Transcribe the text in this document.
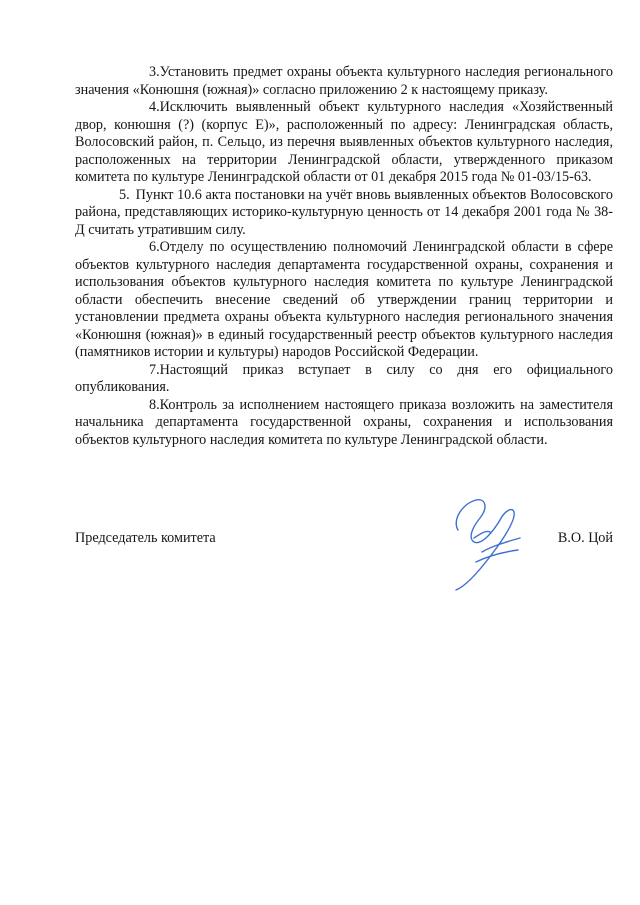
3.Установить предмет охраны объекта культурного наследия регионального значения «Конюшня (южная)» согласно приложению 2 к настоящему приказу.

4.Исключить выявленный объект культурного наследия «Хозяйственный двор, конюшня (?) (корпус Е)», расположенный по адресу: Ленинградская область, Волосовский район, п. Сельцо, из перечня выявленных объектов культурного наследия, расположенных на территории Ленинградской области, утвержденного приказом комитета по культуре Ленинградской области от 01 декабря 2015 года № 01-03/15-63.

5. Пункт 10.6 акта постановки на учёт вновь выявленных объектов Волосовского района, представляющих историко-культурную ценность от 14 декабря 2001 года № 38-Д считать утратившим силу.

6.Отделу по осуществлению полномочий Ленинградской области в сфере объектов культурного наследия департамента государственной охраны, сохранения и использования объектов культурного наследия комитета по культуре Ленинградской области обеспечить внесение сведений об утверждении границ территории и установлении предмета охраны объекта культурного наследия регионального значения «Конюшня (южная)» в единый государственный реестр объектов культурного наследия (памятников истории и культуры) народов Российской Федерации.

7.Настоящий приказ вступает в силу со дня его официального опубликования.

8.Контроль за исполнением настоящего приказа возложить на заместителя начальника департамента государственной охраны, сохранения и использования объектов культурного наследия комитета по культуре Ленинградской области.

Председатель комитета	В.О. Цой
